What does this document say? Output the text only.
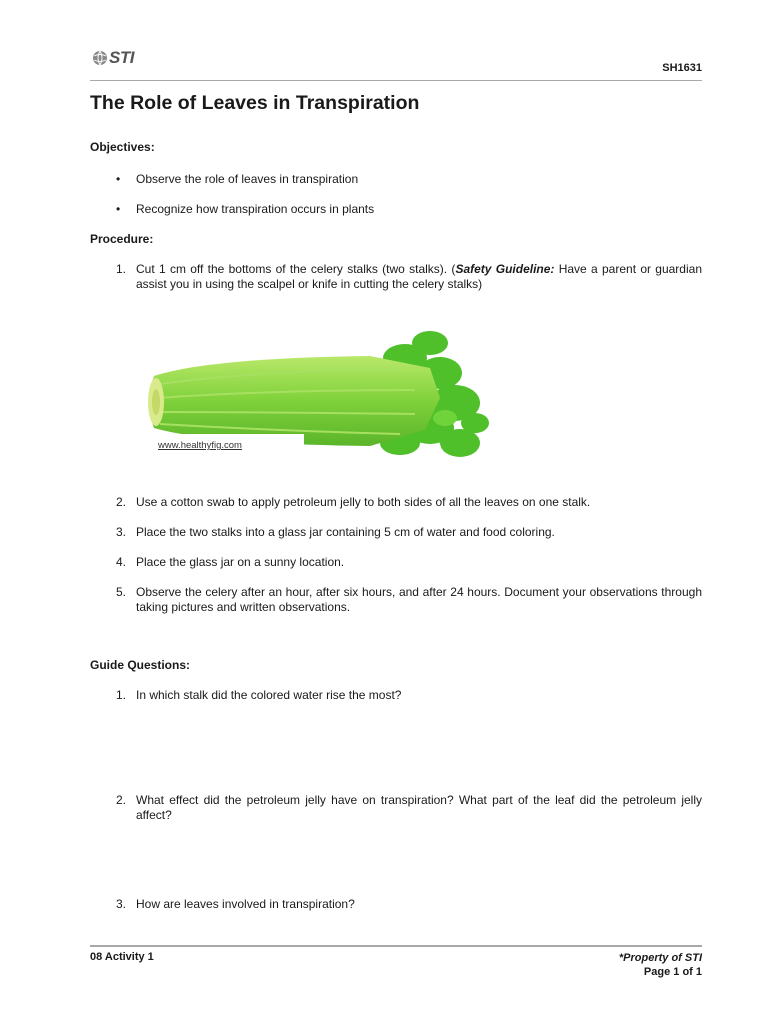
STI
SH1631
The Role of Leaves in Transpiration
Objectives:
• Observe the role of leaves in transpiration
• Recognize how transpiration occurs in plants
Procedure:
1. Cut 1 cm off the bottoms of the celery stalks (two stalks). (Safety Guideline: Have a parent or guardian assist you in using the scalpel or knife in cutting the celery stalks)
www.healthyfig.com
2. Use a cotton swab to apply petroleum jelly to both sides of all the leaves on one stalk.
3. Place the two stalks into a glass jar containing 5 cm of water and food coloring.
4. Place the glass jar on a sunny location.
5. Observe the celery after an hour, after six hours, and after 24 hours. Document your observations through taking pictures and written observations.
Guide Questions:
1. In which stalk did the colored water rise the most?
2. What effect did the petroleum jelly have on transpiration? What part of the leaf did the petroleum jelly affect?
3. How are leaves involved in transpiration?
08 Activity 1	*Property of STI
Page 1 of 1
